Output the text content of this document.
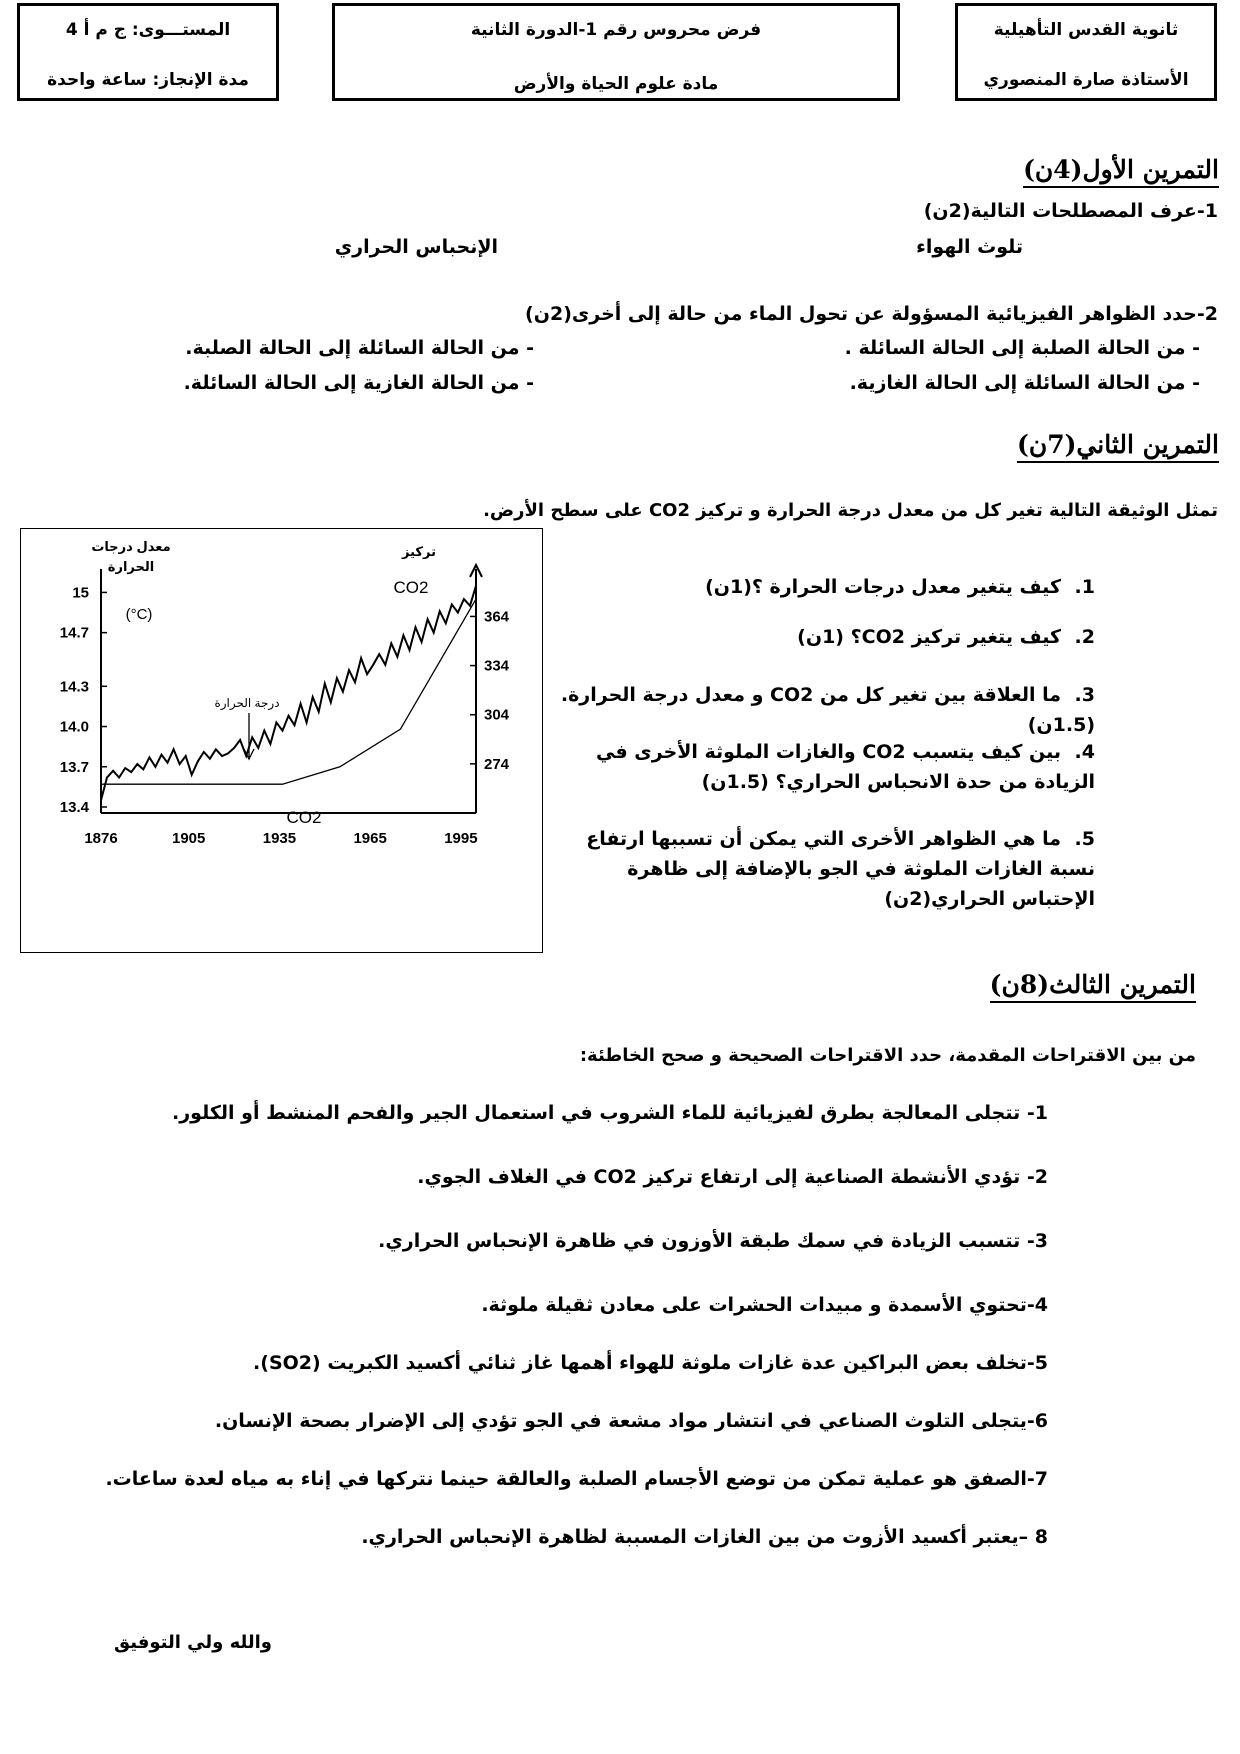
ثانوية القدس التأهيلية
الأستاذة صارة المنصوري
فرض محروس رقم 1-الدورة الثانية
مادة علوم الحياة والأرض
المستـــوى: ج م أ 4
مدة الإنجاز: ساعة واحدة
التمرين الأول(4ن)
1-عرف المصطلحات التالية(2ن)
تلوث الهواء
الإنحباس الحراري
2-حدد الظواهر الفيزيائية المسؤولة عن تحول الماء من حالة إلى أخرى(2ن)
- من الحالة الصلبة إلى الحالة السائلة .
- من الحالة السائلة إلى الحالة الصلبة.
- من الحالة السائلة إلى الحالة الغازية.
- من الحالة الغازية إلى الحالة السائلة.
التمرين الثاني(7ن)
تمثل الوثيقة التالية تغير كل من معدل درجة الحرارة و تركيز CO2 على سطح الأرض.
1.كيف يتغير معدل درجات الحرارة ؟(1ن)
2.كيف يتغير تركيز CO2؟ (1ن)
3.ما العلاقة بين تغير كل من CO2 و معدل درجة الحرارة. (1.5ن)
4.بين كيف يتسبب CO2 والغازات الملوثة الأخرى في الزيادة من حدة الانحباس الحراري؟ (1.5ن)
5.ما هي الظواهر الأخرى التي يمكن أن تسببها ارتفاع نسبة الغازات الملوثة في الجو بالإضافة إلى ظاهرة الإحتباس الحراري(2ن)
معدل درجات
الحرارة
(°C)
تركيز
CO2
درجة الحرارة
CO2
1876	1905	1935	1965	1995
15
14.7
14.3
14.0
13.7
13.4
364
334
304
274
التمرين الثالث(8ن)
من بين الاقتراحات المقدمة، حدد الاقتراحات الصحيحة و صحح الخاطئة:
1- تتجلى المعالجة بطرق لفيزيائية للماء الشروب في استعمال الجير والفحم المنشط أو الكلور.
2- تؤدي الأنشطة الصناعية إلى ارتفاع تركيز CO2 في الغلاف الجوي.
3- تتسبب الزيادة في سمك طبقة الأوزون في ظاهرة الإنحباس الحراري.
4-تحتوي الأسمدة و مبيدات الحشرات على معادن ثقيلة ملوثة.
5-تخلف بعض البراكين عدة غازات ملوثة للهواء أهمها غاز ثنائي أكسيد الكبريت (SO2).
6-يتجلى التلوث الصناعي في انتشار مواد مشعة في الجو تؤدي إلى الإضرار بصحة الإنسان.
7-الصفق هو عملية تمكن من توضع الأجسام الصلبة والعالقة حينما نتركها في إناء به مياه لعدة ساعات.
8 –يعتبر أكسيد الأزوت من بين الغازات المسببة لظاهرة الإنحباس الحراري.
والله ولي التوفيق
